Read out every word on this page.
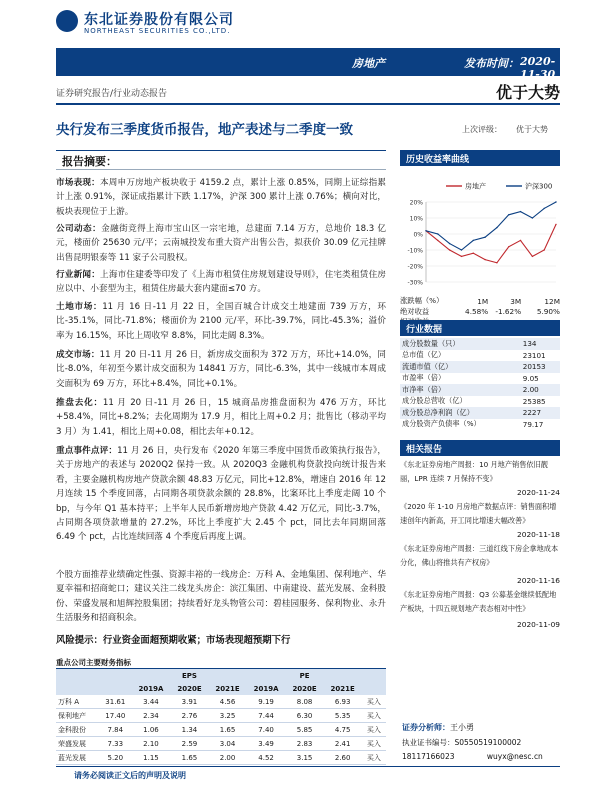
东北证券股份有限公司
NORTHEAST SECURITIES CO.,LTD.
房地产	发布时间： 2020-11-30
证券研究报告/行业动态报告	优于大势
央行发布三季度货币报告，地产表述与二季度一致	上次评级： 优于大势
报告摘要：
市场表现：本周申万房地产板块收于 4159.2 点，累计上涨 0.85%，同期上证综指累计上涨 0.91%，深证成指累计下跌 1.17%，沪深 300 累计上涨 0.76%；横向对比，板块表现位于上游。
公司动态：金融街竞得上海市宝山区一宗宅地，总建面 7.14 万方，总地价 18.3 亿元，楼面价 25630 元/平；云南城投发布重大资产出售公告，拟获价 30.09 亿元挂牌出售昆明银泰等 11 家子公司股权。
行业新闻：上海市住建委等印发了《上海市租赁住房规划建设导则》，住宅类租赁住房应以中、小套型为主，租赁住房最大套内建面≤70 方。
土地市场：11 月 16 日-11 月 22 日，全国百城合计成交土地建面 739 万方，环比-35.1%，同比-71.8%；楼面价为 2100 元/平，环比-39.7%，同比-45.3%；溢价率为 16.15%，环比上周收窄 8.8%，同比走阔 8.3%。
成交市场：11 月 20 日-11 月 26 日，新房成交面积为 372 万方，环比+14.0%，同比-8.0%，年初至今累计成交面积为 14841 万方，同比-6.3%，其中一线城市本周成交面积为 69 万方，环比+8.4%，同比+0.1%。
推盘去化：11 月 20 日-11 月 26 日，15 城商品房推盘面积为 476 万方，环比+58.4%，同比+8.2%；去化周期为 17.9 月，相比上周+0.2 月；批售比（移动平均 3 月）为 1.41，相比上周+0.08，相比去年+0.12。
重点事件点评：11 月 26 日，央行发布《2020 年第三季度中国货币政策执行报告》，关于房地产的表述与 2020Q2 保持一致。从 2020Q3 金融机构贷款投向统计报告来看，主要金融机构房地产贷款余额 48.83 万亿元，同比+12.8%，增速自 2016 年 12 月连续 15 个季度回落，占同期各项贷款余额的 28.8%，比案环比上季度走阔 10 个 bp，与今年 Q1 基本持平；上半年人民币新增房地产贷款 4.42 万亿元，同比-3.7%，占同期各项贷款增量的 27.2%，环比上季度扩大 2.45 个 pct，同比去年同期回落 6.49 个 pct，占比连续回落 4 个季度后再度上调。
个股方面推荐业绩确定性强、资源丰裕的一线房企：万科 A、金地集团、保利地产、华夏幸福和招商蛇口；建议关注二线龙头房企：滨江集团、中南建设、蓝光发展、金科股份、荣盛发展和旭辉控股集团；持续看好龙头物管公司：碧桂园服务、保利物业、永升生活服务和招商积余。
风险提示：行业资金面超预期收紧；市场表现超预期下行
重点公司主要财务指标
			EPS			PE		
		2019A	2020E	2021E	2019A	2020E	2021E	
万科 A	31.61	3.44	3.91	4.56	9.19	8.08	6.93	买入
保利地产	17.40	2.34	2.76	3.25	7.44	6.30	5.35	买入
金科股份	7.84	1.06	1.34	1.65	7.40	5.85	4.75	买入
荣盛发展	7.33	2.10	2.59	3.04	3.49	2.83	2.41	买入
蓝光发展	5.20	1.15	1.65	2.00	4.52	3.15	2.60	买入
历史收益率曲线
20%
10%
0%
-10%
-20%
-30%
房地产	沪深300
涨跌幅（%）	1M	3M	12M
绝对收益	4.58%	-1.62%	5.90%

行业数据
成分股数量（只）	134
总市值（亿）	23101
流通市值（亿）	20153
市盈率（倍）	9.05
市净率（倍）	2.00
成分股总营收（亿）	25385
成分股总净利润（亿）	2227
成分股资产负债率（%）	79.17
相关报告
《东北证券房地产周报：10 月地产销售依旧靓丽，LPR 连续 7 月保持不变》
2020-11-24
《2020 年 1-10 月房地产数据点评：销售面积增速创年内新高，开工同比增速大幅改善》
2020-11-18
《东北证券房地产周报：三道红线下房企拿地成本分化，佛山将推共有产权房》
2020-11-16
《东北证券房地产周报：Q3 公募基金继续低配地产板块，十四五规划地产表态相对中性》
2020-11-09
证券分析师：王小勇
执业证书编号：S0550519100002
18117166023	wuyx@nesc.cn
请务必阅读正文后的声明及说明
